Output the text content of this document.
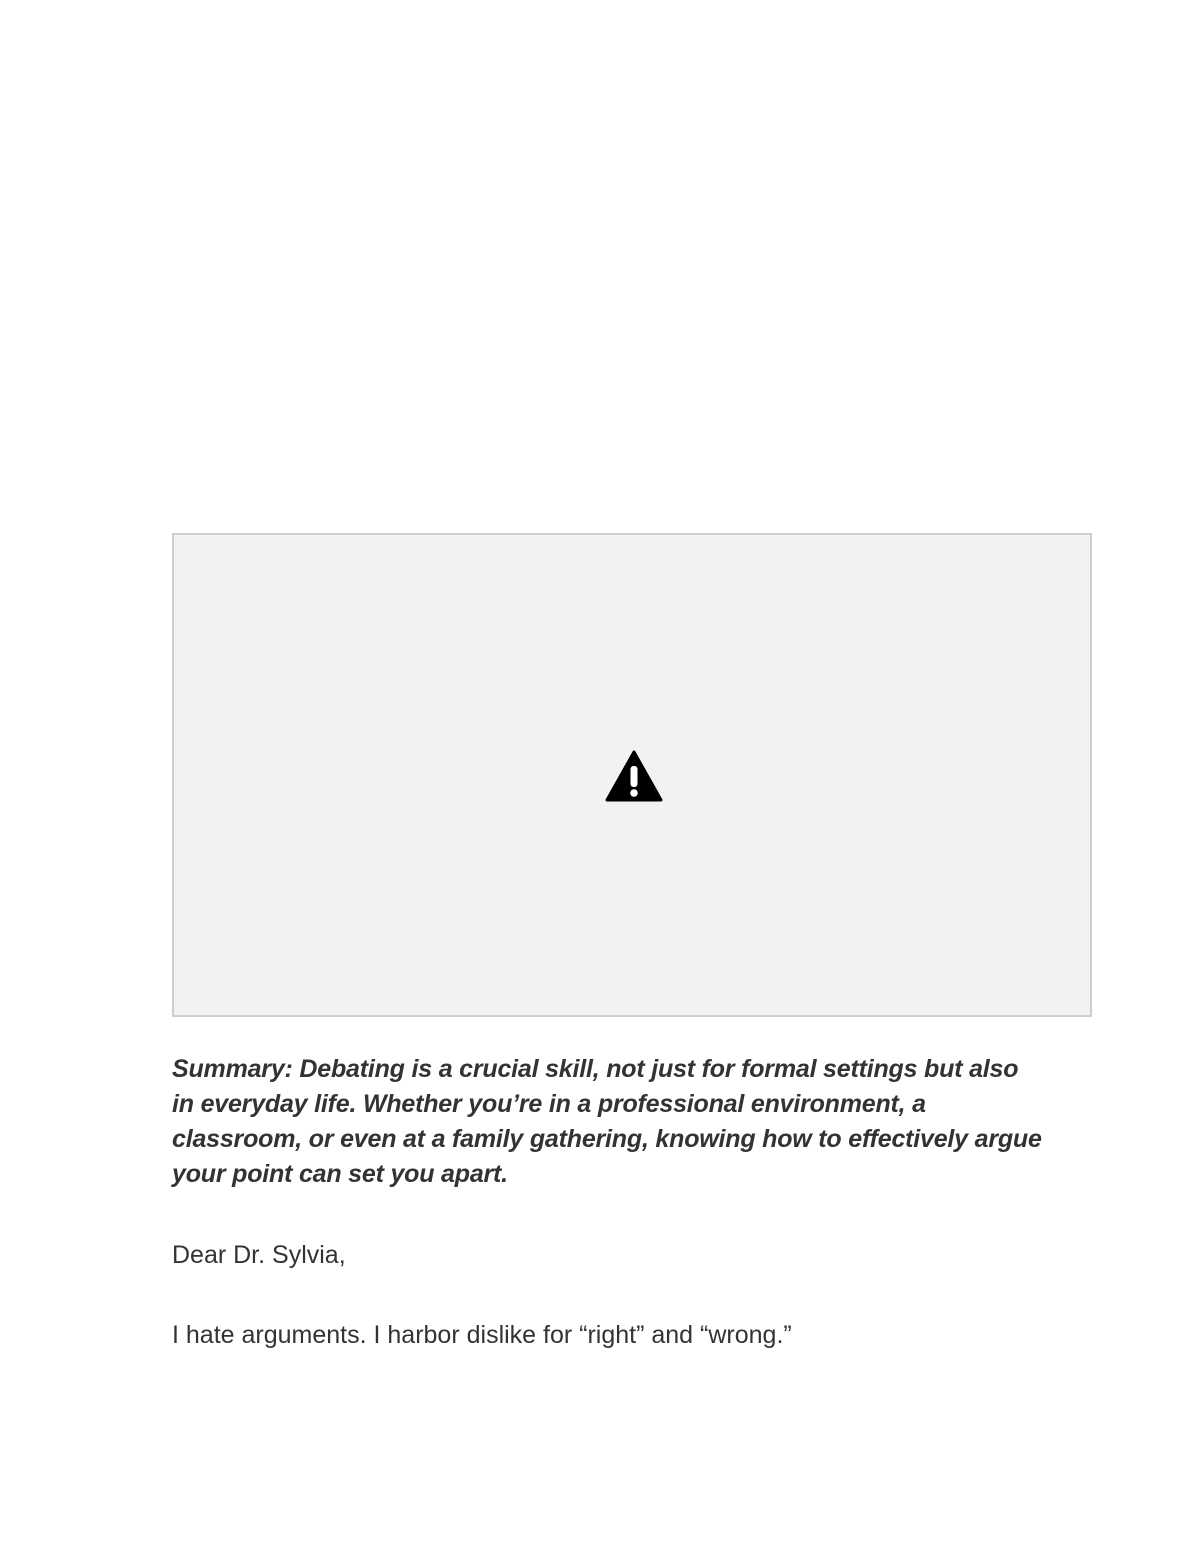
Summary: Debating is a crucial skill, not just for formal settings but also in everyday life. Whether you’re in a professional environment, a classroom, or even at a family gathering, knowing how to effectively argue your point can set you apart.

Dear Dr. Sylvia,

I hate arguments. I harbor dislike for “right” and “wrong.”
